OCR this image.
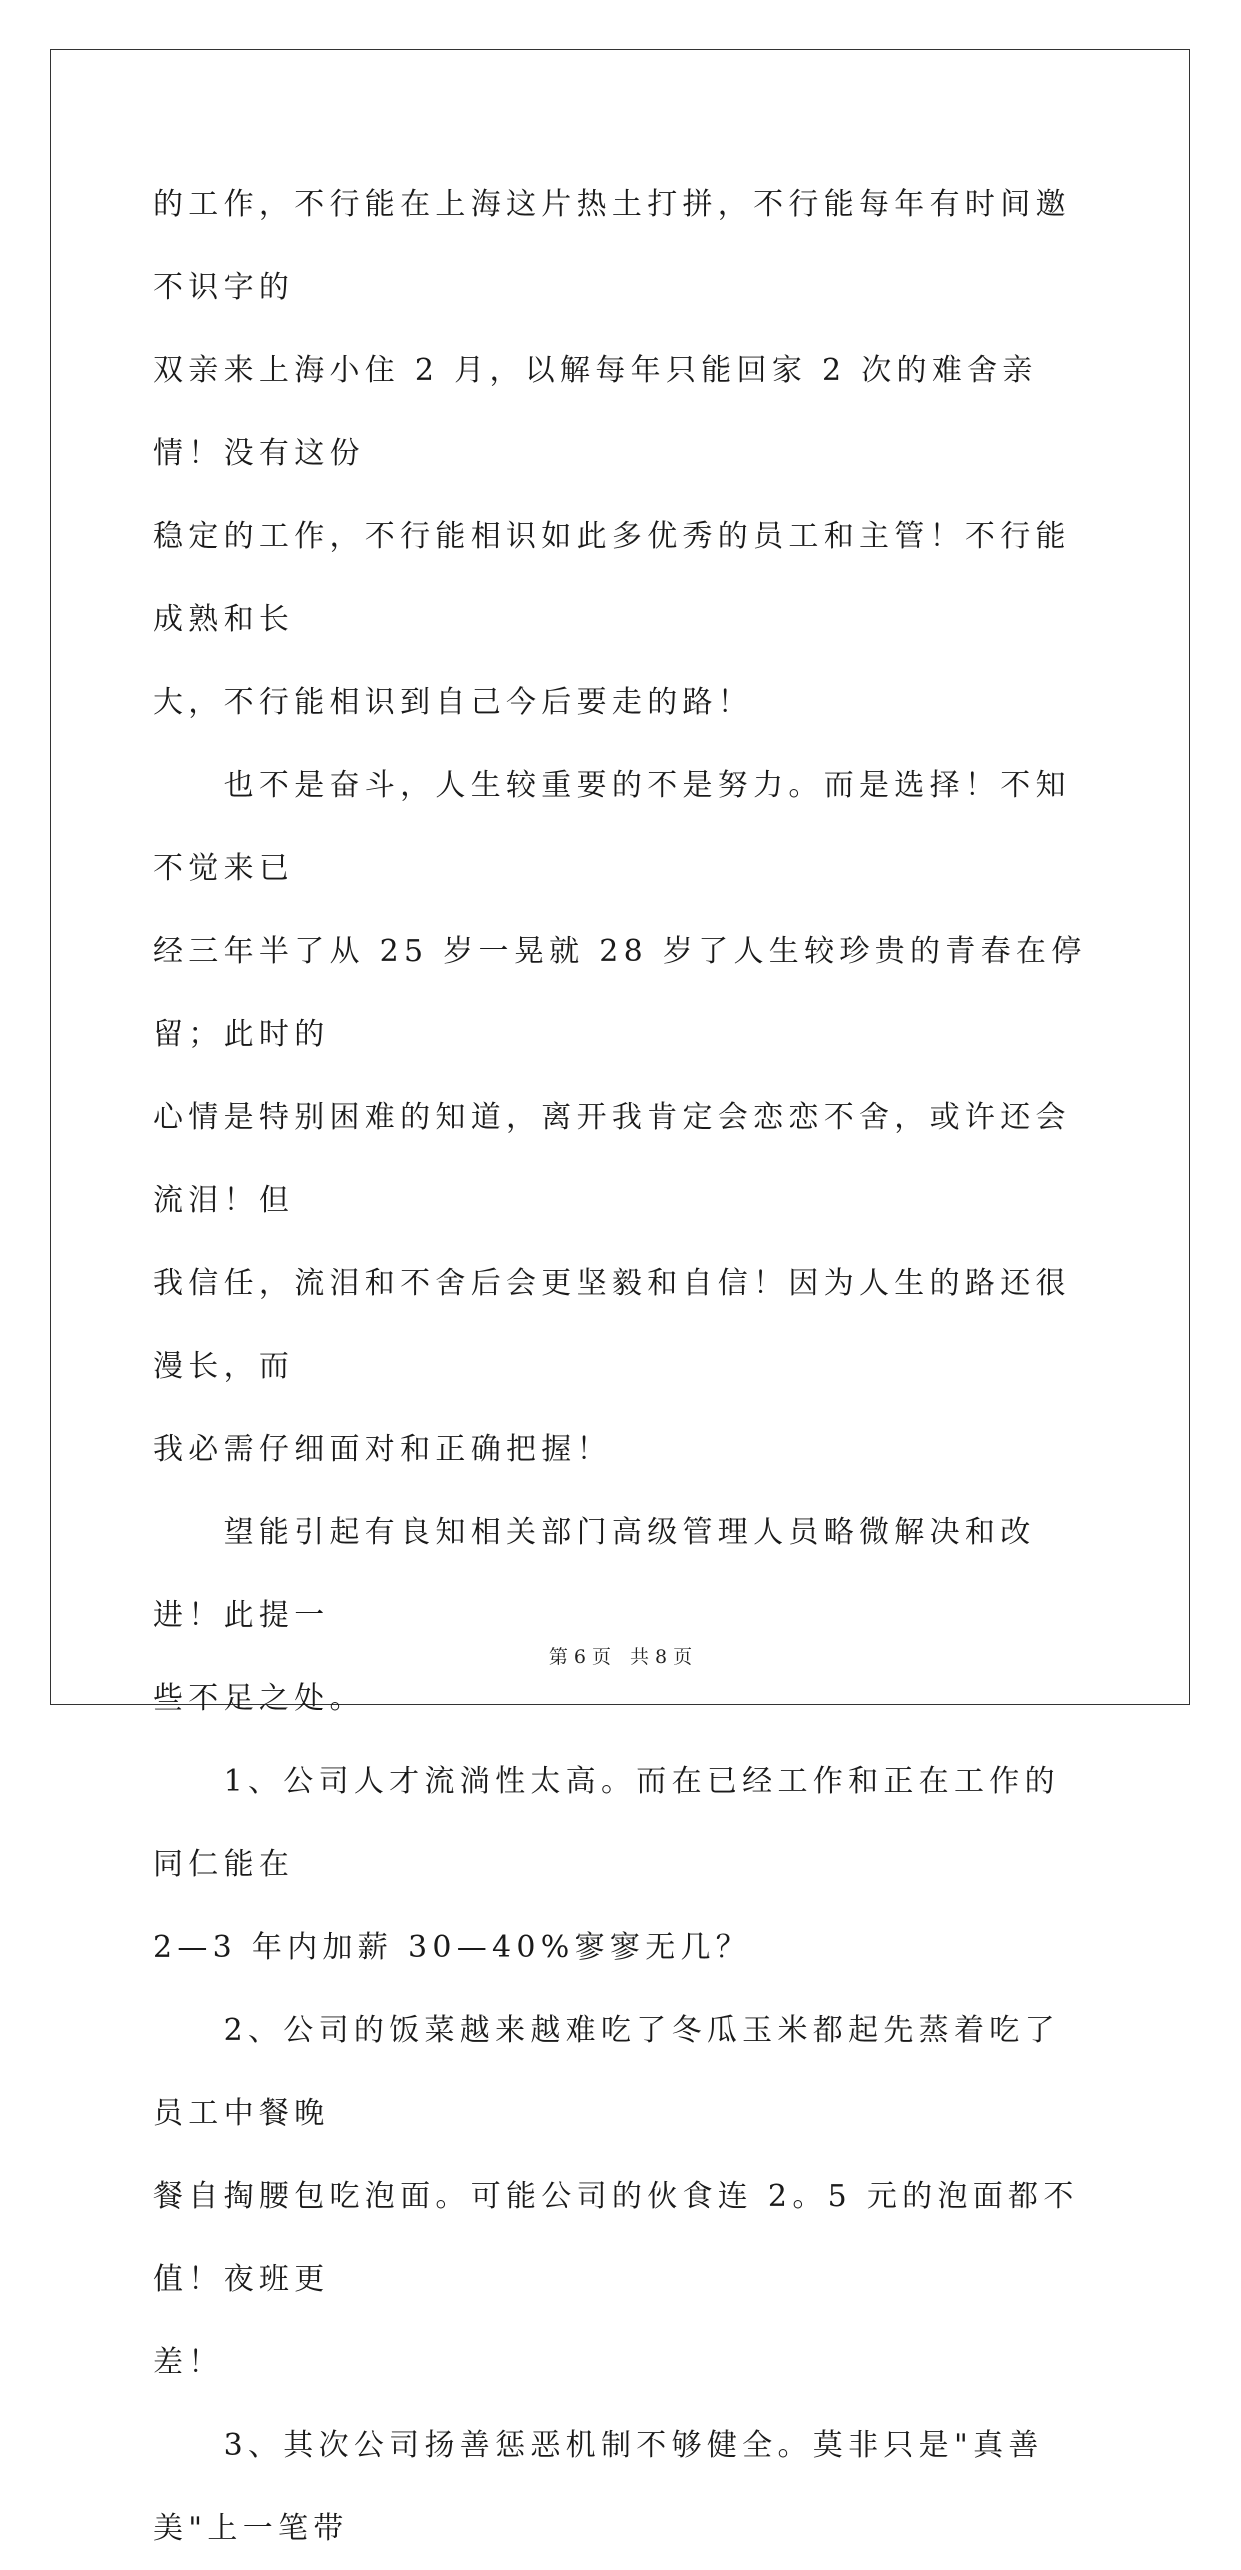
的工作，不行能在上海这片热土打拼，不行能每年有时间邀不识字的
双亲来上海小住 2 月，以解每年只能回家 2 次的难舍亲情！没有这份
稳定的工作，不行能相识如此多优秀的员工和主管！不行能成熟和长
大，不行能相识到自己今后要走的路！

　　也不是奋斗，人生较重要的不是努力。而是选择！不知不觉来已
经三年半了从 25 岁一晃就 28 岁了人生较珍贵的青春在停留；此时的
心情是特别困难的知道，离开我肯定会恋恋不舍，或许还会流泪！但
我信任，流泪和不舍后会更坚毅和自信！因为人生的路还很漫长，而
我必需仔细面对和正确把握！

　　望能引起有良知相关部门高级管理人员略微解决和改进！此提一
些不足之处。

　　1、公司人才流淌性太高。而在已经工作和正在工作的同仁能在
2—3 年内加薪 30—40%寥寥无几？

　　2、公司的饭菜越来越难吃了冬瓜玉米都起先蒸着吃了员工中餐晚
餐自掏腰包吃泡面。可能公司的伙食连 2。5 元的泡面都不值！夜班更
差！

　　3、其次公司扬善惩恶机制不够健全。莫非只是"真善美"上一笔带

第 6 页　共 8 页
